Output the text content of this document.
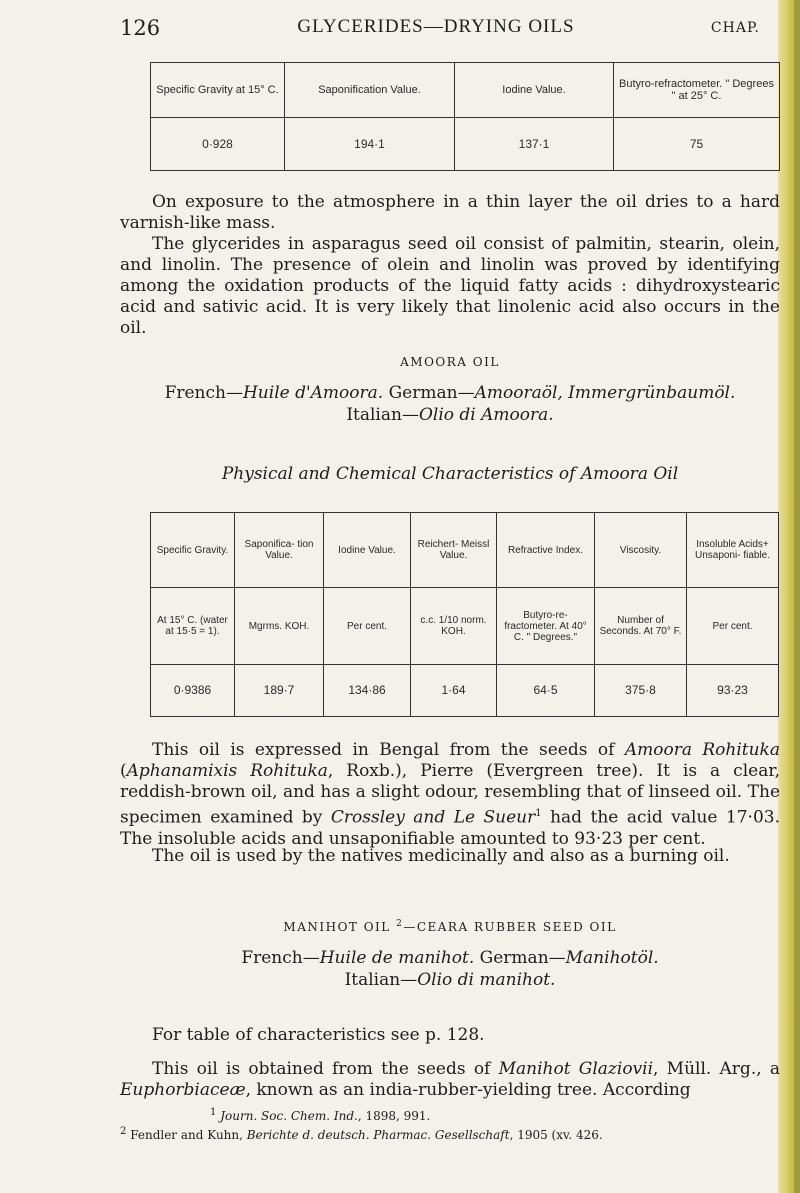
126	GLYCERIDES—DRYING OILS	CHAP.
Specific Gravity at 15° C.	Saponification Value.	Iodine Value.	Butyro-refractometer. " Degrees " at 25° C.
0·928	194·1	137·1	75

On exposure to the atmosphere in a thin layer the oil dries to a hard varnish-like mass.

The glycerides in asparagus seed oil consist of palmitin, stearin, olein, and linolin. The presence of olein and linolin was proved by identifying among the oxidation products of the liquid fatty acids : dihydroxystearic acid and sativic acid. It is very likely that linolenic acid also occurs in the oil.

AMOORA OIL
French—Huile d'Amoora. German—Amooraöl, Immergrünbaumöl.
Italian—Olio di Amoora.
Physical and Chemical Characteristics of Amoora Oil
Specific Gravity.	Saponifica- tion Value.	Iodine Value.	Reichert- Meissl Value.	Refractive Index.	Viscosity.	Insoluble Acids+ Unsaponi- fiable.
At 15° C. (water at 15·5 = 1).	Mgrms. KOH.	Per cent.	c.c. 1/10 norm. KOH.	Butyro-re- fractometer. At 40° C. " Degrees."	Number of Seconds. At 70° F.	Per cent.
0·9386	189·7	134·86	1·64	64·5	375·8	93·23

This oil is expressed in Bengal from the seeds of Amoora Rohituka (Aphanamixis Rohituka, Roxb.), Pierre (Evergreen tree). It is a clear, reddish-brown oil, and has a slight odour, resembling that of linseed oil. The specimen examined by Crossley and Le Sueur$^1$ had the acid value 17·03. The insoluble acids and unsaponifiable amounted to 93·23 per cent.

The oil is used by the natives medicinally and also as a burning oil.

MANIHOT OIL $^2$—CEARA RUBBER SEED OIL
French—Huile de manihot. German—Manihotöl.
Italian—Olio di manihot.

For table of characteristics see p. 128.

This oil is obtained from the seeds of Manihot Glaziovii, Müll. Arg., a Euphorbiaceæ, known as an india-rubber-yielding tree. According

$^1$ Journ. Soc. Chem. Ind., 1898, 991.

$^2$ Fendler and Kuhn, Berichte d. deutsch. Pharmac. Gesellschaft, 1905 (xv. 426.
